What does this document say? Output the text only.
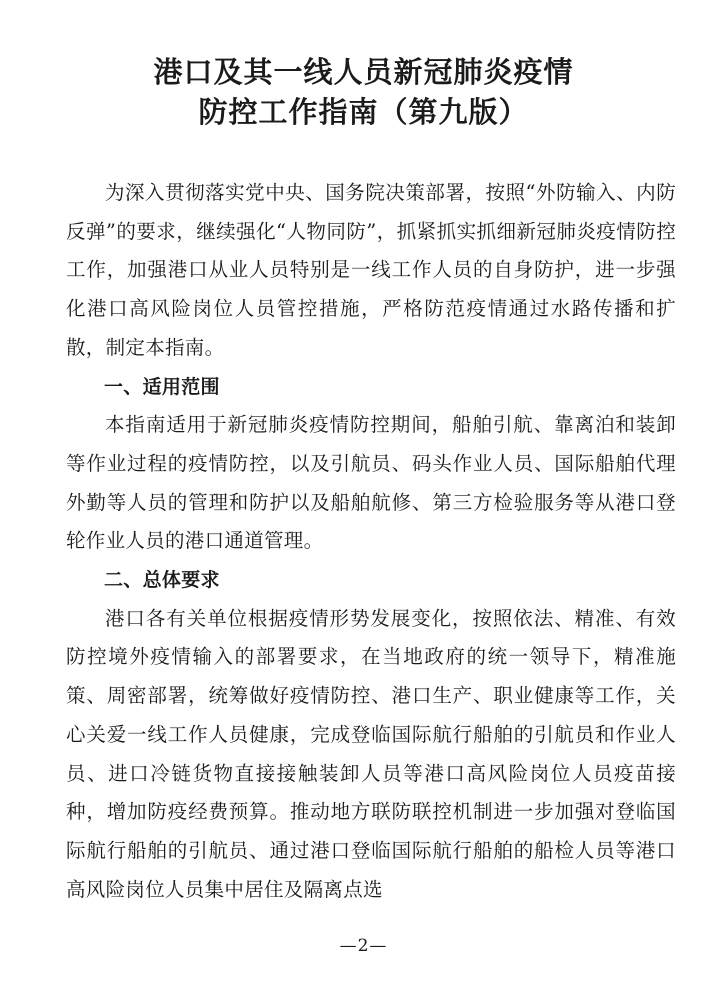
港口及其一线人员新冠肺炎疫情
防控工作指南（第九版）

为深入贯彻落实党中央、国务院决策部署，按照“外防输入、内防反弹”的要求，继续强化“人物同防”，抓紧抓实抓细新冠肺炎疫情防控工作，加强港口从业人员特别是一线工作人员的自身防护，进一步强化港口高风险岗位人员管控措施，严格防范疫情通过水路传播和扩散，制定本指南。

一、适用范围

本指南适用于新冠肺炎疫情防控期间，船舶引航、靠离泊和装卸等作业过程的疫情防控，以及引航员、码头作业人员、国际船舶代理外勤等人员的管理和防护以及船舶航修、第三方检验服务等从港口登轮作业人员的港口通道管理。

二、总体要求

港口各有关单位根据疫情形势发展变化，按照依法、精准、有效防控境外疫情输入的部署要求，在当地政府的统一领导下，精准施策、周密部署，统筹做好疫情防控、港口生产、职业健康等工作，关心关爱一线工作人员健康，完成登临国际航行船舶的引航员和作业人员、进口冷链货物直接接触装卸人员等港口高风险岗位人员疫苗接种，增加防疫经费预算。推动地方联防联控机制进一步加强对登临国际航行船舶的引航员、通过港口登临国际航行船舶的船检人员等港口高风险岗位人员集中居住及隔离点选

—2—
